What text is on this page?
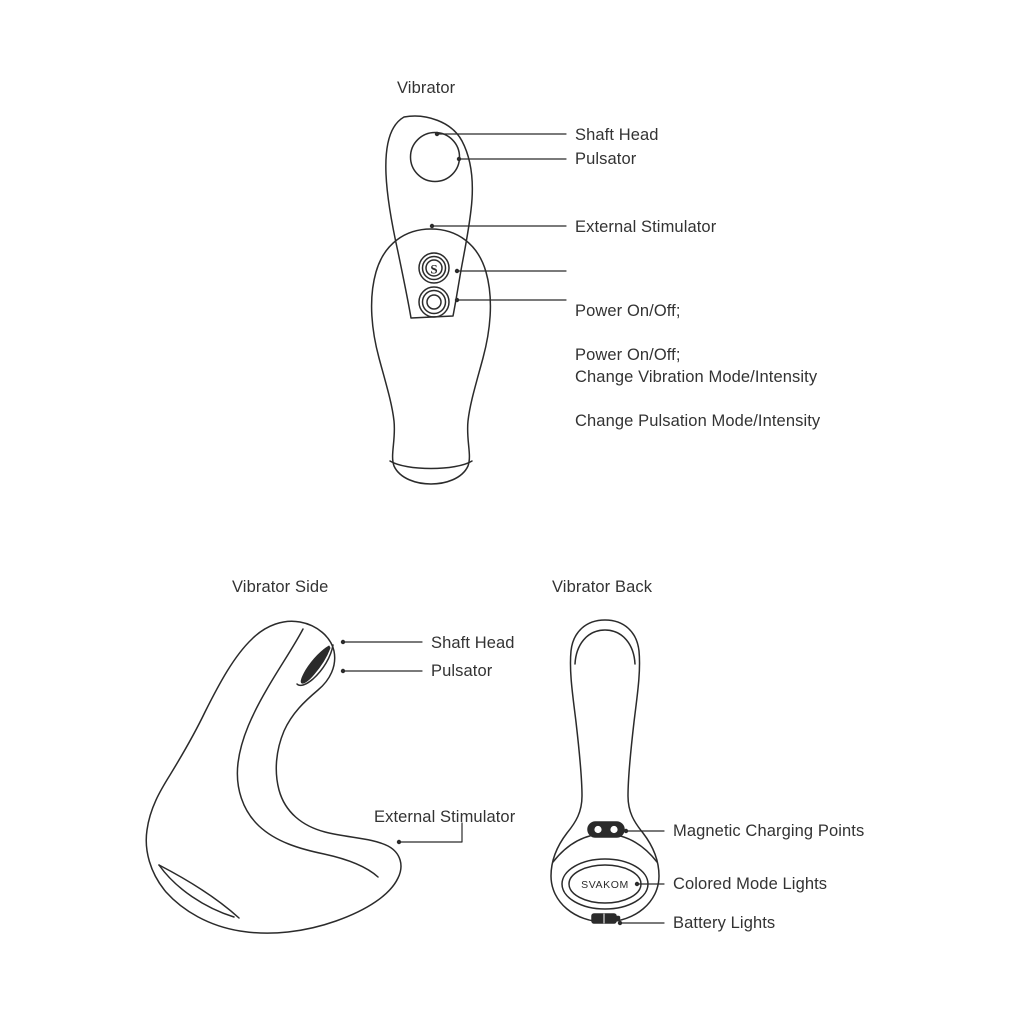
S
SVAKOM
Vibrator
Shaft Head
Pulsator
External Stimulator

Power On/Off;

Change Vibration Mode/Intensity

Power On/Off;

Change Pulsation Mode/Intensity

Vibrator Side
Shaft Head
Pulsator
External Stimulator
Vibrator Back
Magnetic Charging Points
Colored Mode Lights
Battery Lights
